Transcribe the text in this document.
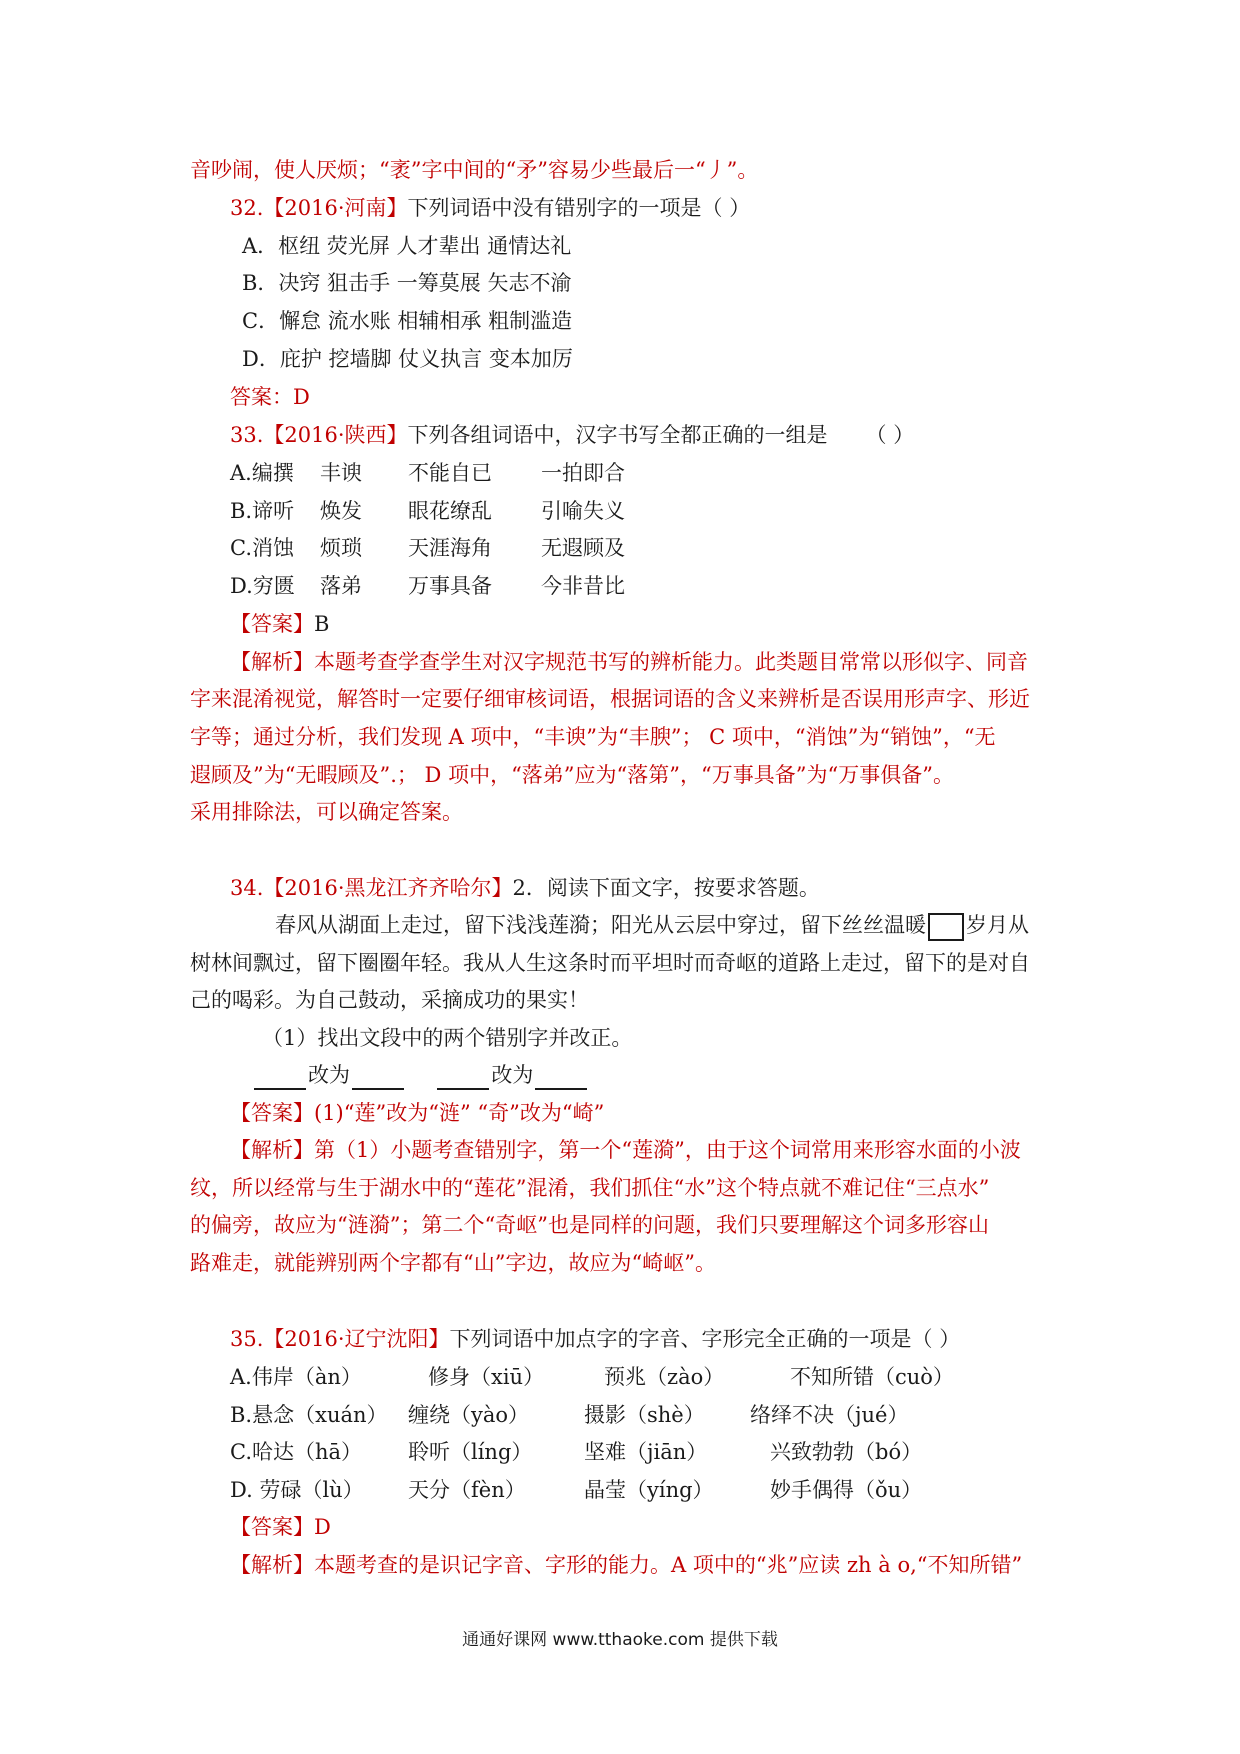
音吵闹，使人厌烦；“袤”字中间的“矛”容易少些最后一“丿”。
32.【2016·河南】下列词语中没有错别字的一项是（ ）
A．枢纽 荧光屏 人才辈出 通情达礼
B．决窍 狙击手 一筹莫展 矢志不渝
C．懈怠 流水账 相辅相承 粗制滥造
D．庇护 挖墙脚 仗义执言 变本加厉
答案：D
33.【2016·陕西】下列各组词语中，汉字书写全都正确的一组是 （ ）
A.编撰 丰谀 不能自已 一拍即合
B.谛听 焕发 眼花缭乱 引喻失义
C.消蚀 烦琐 天涯海角 无遐顾及
D.穷匮 落弟 万事具备 今非昔比
【答案】B
【解析】本题考查学查学生对汉字规范书写的辨析能力。此类题目常常以形似字、同音
字来混淆视觉，解答时一定要仔细审核词语，根据词语的含义来辨析是否误用形声字、形近
字等；通过分析，我们发现 A 项中，“丰谀”为“丰腴”； C 项中，“消蚀”为“销蚀”，“无
遐顾及”为“无暇顾及”.； D 项中，“落弟”应为“落第”，“万事具备”为“万事俱备”。
采用排除法，可以确定答案。
34.【2016·黑龙江齐齐哈尔】2．阅读下面文字，按要求答题。
春风从湖面上走过，留下浅浅莲漪；阳光从云层中穿过，留下丝丝温暖 岁月从
树林间飘过，留下圈圈年轻。我从人生这条时而平坦时而奇岖的道路上走过，留下的是对自
己的喝彩。为自己鼓动，采摘成功的果实！
（1）找出文段中的两个错别字并改正。
改为	改为
【答案】(1)“莲”改为“涟” “奇”改为“崎”
【解析】第（1）小题考查错别字，第一个“莲漪”，由于这个词常用来形容水面的小波
纹，所以经常与生于湖水中的“莲花”混淆，我们抓住“水”这个特点就不难记住“三点水”
的偏旁，故应为“涟漪”；第二个“奇岖”也是同样的问题，我们只要理解这个词多形容山
路难走，就能辨别两个字都有“山”字边，故应为“崎岖”。
35.【2016·辽宁沈阳】下列词语中加点字的字音、字形完全正确的一项是（ ）
A.伟岸（àn）	修身（xiū）	预兆（zào）	不知所错（cuò）
B.悬念（xuán） 缠绕（yào）	摄影（shè） 络绎不决（jué）
C.哈达（hā） 聆听（líng） 坚难（jiān）	兴致勃勃（bó）
D. 劳碌（lù） 天分（fèn）	晶莹（yíng）	妙手偶得（ǒu）
【答案】D
【解析】本题考查的是识记字音、字形的能力。A 项中的“兆”应读 zh à o,“不知所错”
通通好课网 www.tthaoke.com 提供下载
